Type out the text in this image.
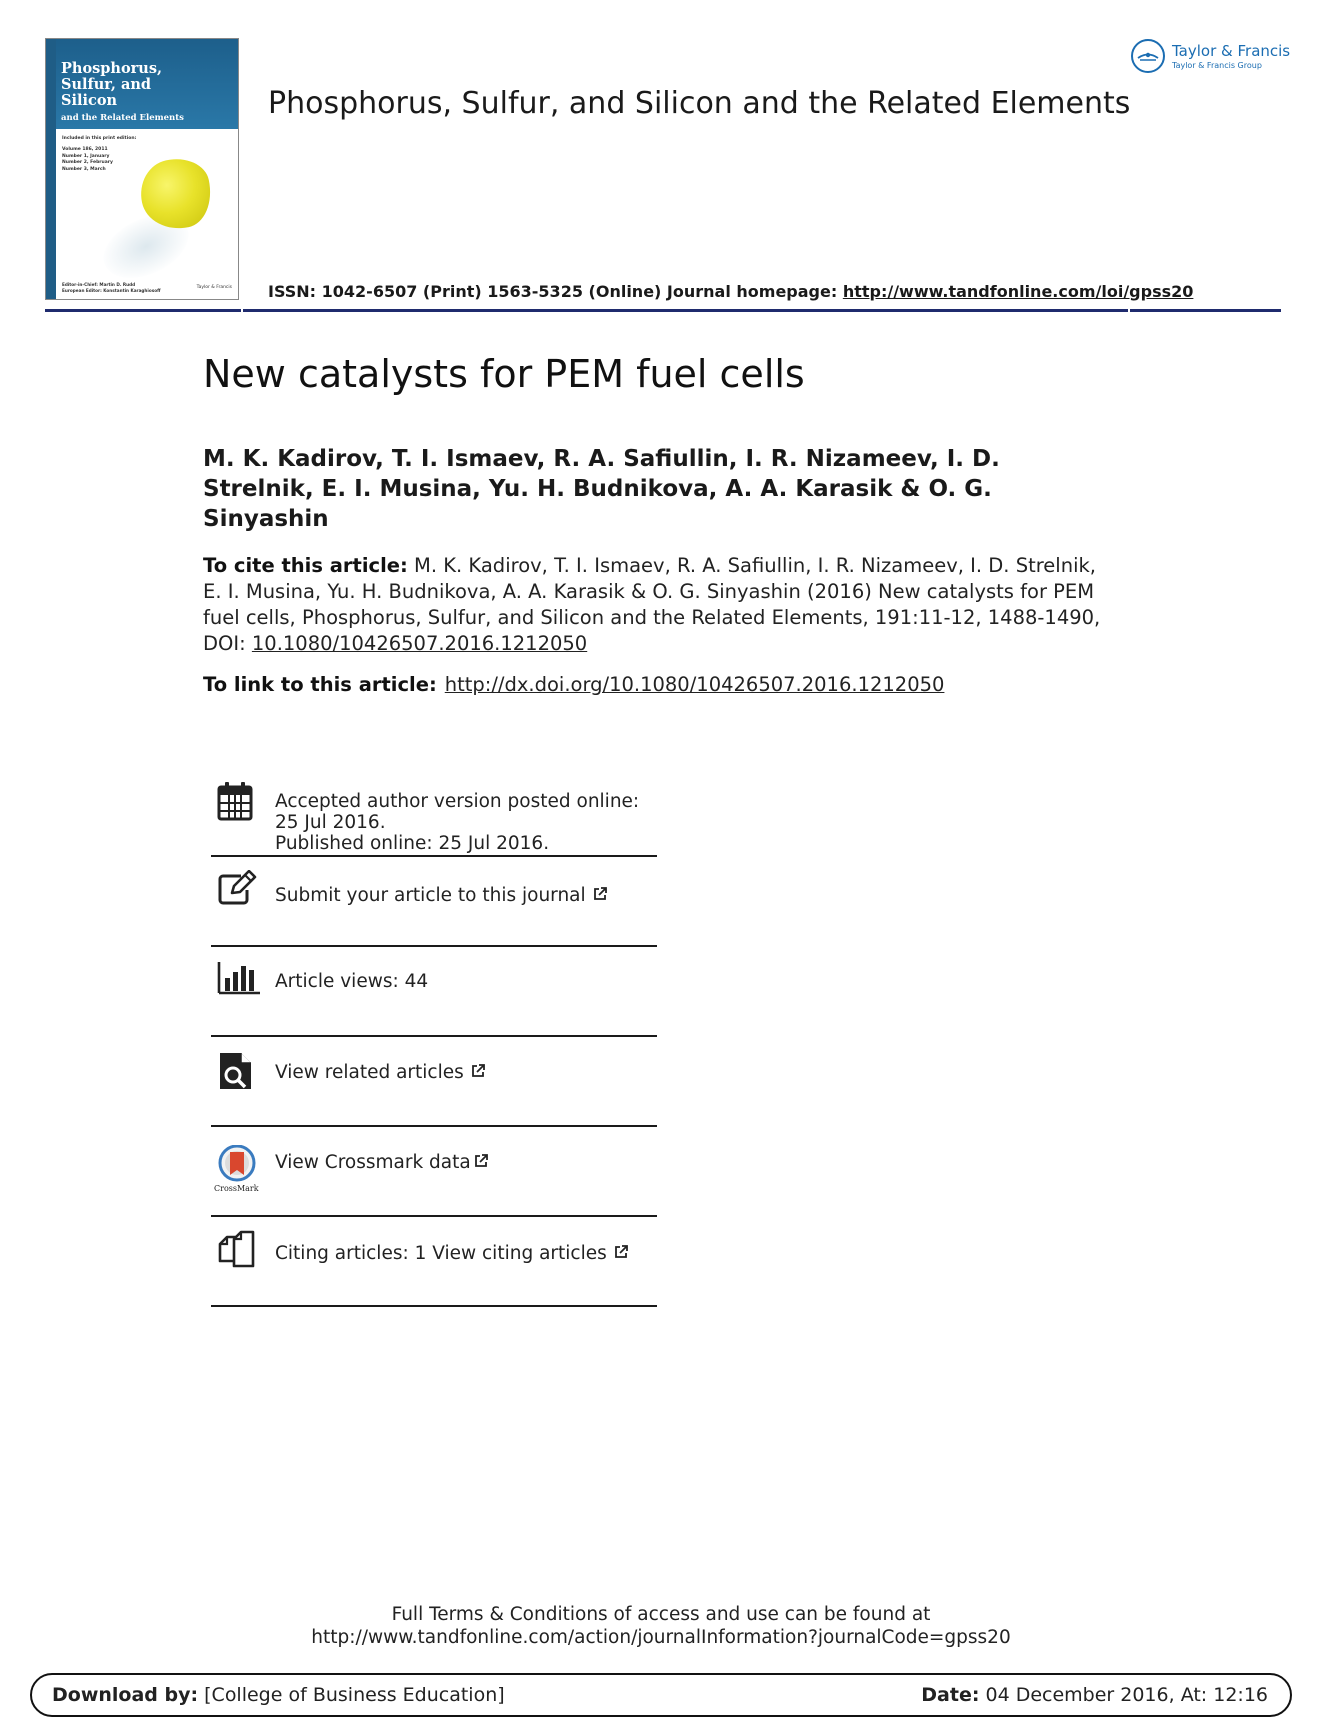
Phosphorus,
Sulfur, and
Silicon
and the Related Elements
Included in this print edition:
Volume 186, 2011
Number 1, January
Number 2, February
Number 3, March
Editor-in-Chief: Martin D. Rudd
European Editor: Konstantin Karaghiosoff	Taylor & Francis
Phosphorus, Sulfur, and Silicon and the Related Elements
Taylor & Francis
Taylor & Francis Group
ISSN: 1042-6507 (Print) 1563-5325 (Online) Journal homepage: http://www.tandfonline.com/loi/gpss20
New catalysts for PEM fuel cells
M. K. Kadirov, T. I. Ismaev, R. A. Safiullin, I. R. Nizameev, I. D. Strelnik, E. I. Musina, Yu. H. Budnikova, A. A. Karasik & O. G. Sinyashin
To cite this article: M. K. Kadirov, T. I. Ismaev, R. A. Safiullin, I. R. Nizameev, I. D. Strelnik, E. I. Musina, Yu. H. Budnikova, A. A. Karasik & O. G. Sinyashin (2016) New catalysts for PEM fuel cells, Phosphorus, Sulfur, and Silicon and the Related Elements, 191:11-12, 1488-1490, DOI: 10.1080/10426507.2016.1212050
To link to this article: http://dx.doi.org/10.1080/10426507.2016.1212050
Accepted author version posted online: 25 Jul 2016.
Published online: 25 Jul 2016.
Submit your article to this journal
Article views: 44
View related articles
CrossMark
View Crossmark data
Citing articles: 1 View citing articles
Full Terms & Conditions of access and use can be found at
http://www.tandfonline.com/action/journalInformation?journalCode=gpss20
Download by: [College of Business Education]	Date: 04 December 2016, At: 12:16
